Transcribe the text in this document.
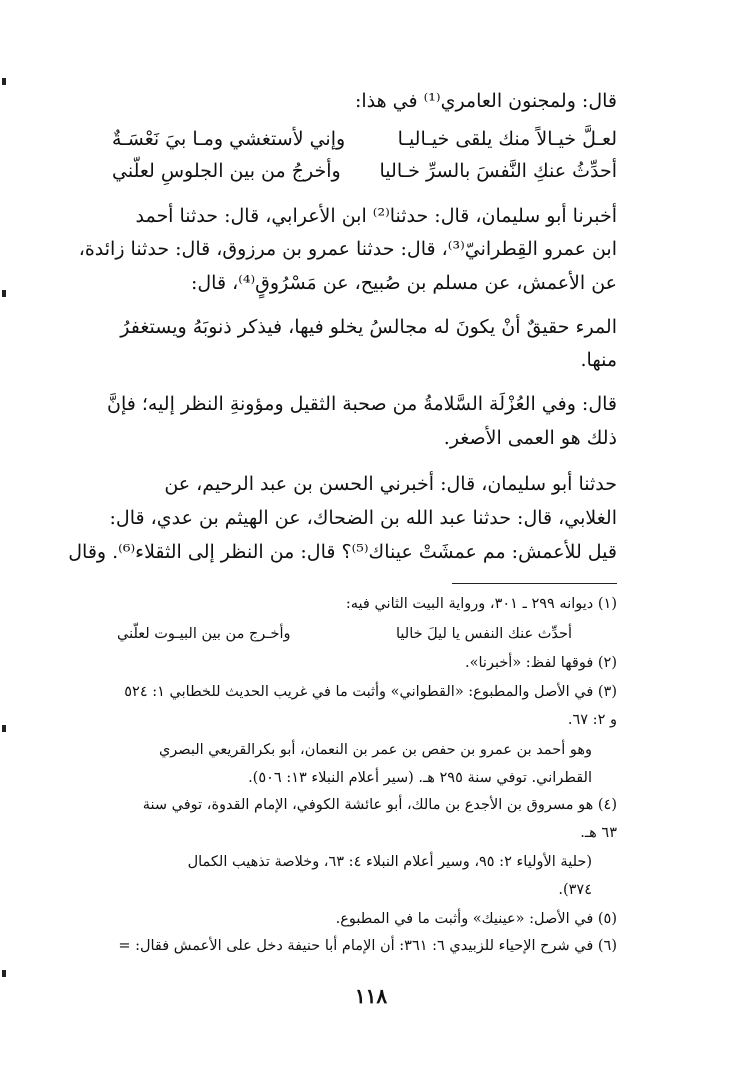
قال: ولمجنون العامري⁽¹⁾ في هذا:
وإني لأستغشي ومـا بيَ نَعْسَـةٌ	لعـلَّ خيـالاً منك يلقى خيـاليـا
وأخرجُ من بين الجلوسِ لعلّني أحدِّثُ عنكِ النَّفسَ بالسرِّ خـاليا
أخبرنا أبو سليمان، قال: حدثنا⁽²⁾ ابن الأعرابي، قال: حدثنا أحمد
ابن عمرو القِطرانيّ⁽³⁾، قال: حدثنا عمرو بن مرزوق، قال: حدثنا زائدة،
عن الأعمش، عن مسلم بن صُبيح، عن مَسْرُوقٍ⁽⁴⁾، قال:
المرء حقيقٌ أنْ يكونَ له مجالسُ يخلو فيها، فيذكر ذنوبَهُ ويستغفرُ
منها.
قال: وفي العُزْلَة السَّلامةُ من صحبة الثقيل ومؤونةِ النظر إليه؛ فإنَّ
ذلك هو العمى الأصغر.
حدثنا أبو سليمان، قال: أخبرني الحسن بن عبد الرحيم، عن
الغلابي، قال: حدثنا عبد الله بن الضحاك، عن الهيثم بن عدي، قال:
قيل للأعمش: مم عمشَتْ عيناك⁽⁵⁾؟ قال: من النظر إلى الثقلاء⁽⁶⁾. وقال
(١) ديوانه ٢٩٩ ـ ٣٠١، ورواية البيت الثاني فيه:
وأخـرج من بين البيـوت لعلّني	أحدِّث عنك النفس يا ليلَ خاليا
(٢) فوقها لفظ: «أخبرنا».
(٣) في الأصل والمطبوع: «القطواني» وأثبت ما في غريب الحديث للخطابي ١: ٥٢٤
و ٢: ٦٧.
وهو أحمد بن عمرو بن حفص بن عمر بن النعمان، أبو بكرالقريعي البصري
القطراني. توفي سنة ٢٩٥ هـ. (سير أعلام النبلاء ١٣: ٥٠٦).
(٤) هو مسروق بن الأجدع بن مالك، أبو عائشة الكوفي، الإمام القدوة، توفي سنة
٦٣ هـ.
(حلية الأولياء ٢: ٩٥، وسير أعلام النبلاء ٤: ٦٣، وخلاصة تذهيب الكمال
٣٧٤).
(٥) في الأصل: «عينيك» وأثبت ما في المطبوع.
(٦) في شرح الإحياء للزبيدي ٦: ٣٦١: أن الإمام أبا حنيفة دخل على الأعمش فقال: =
١١٨
